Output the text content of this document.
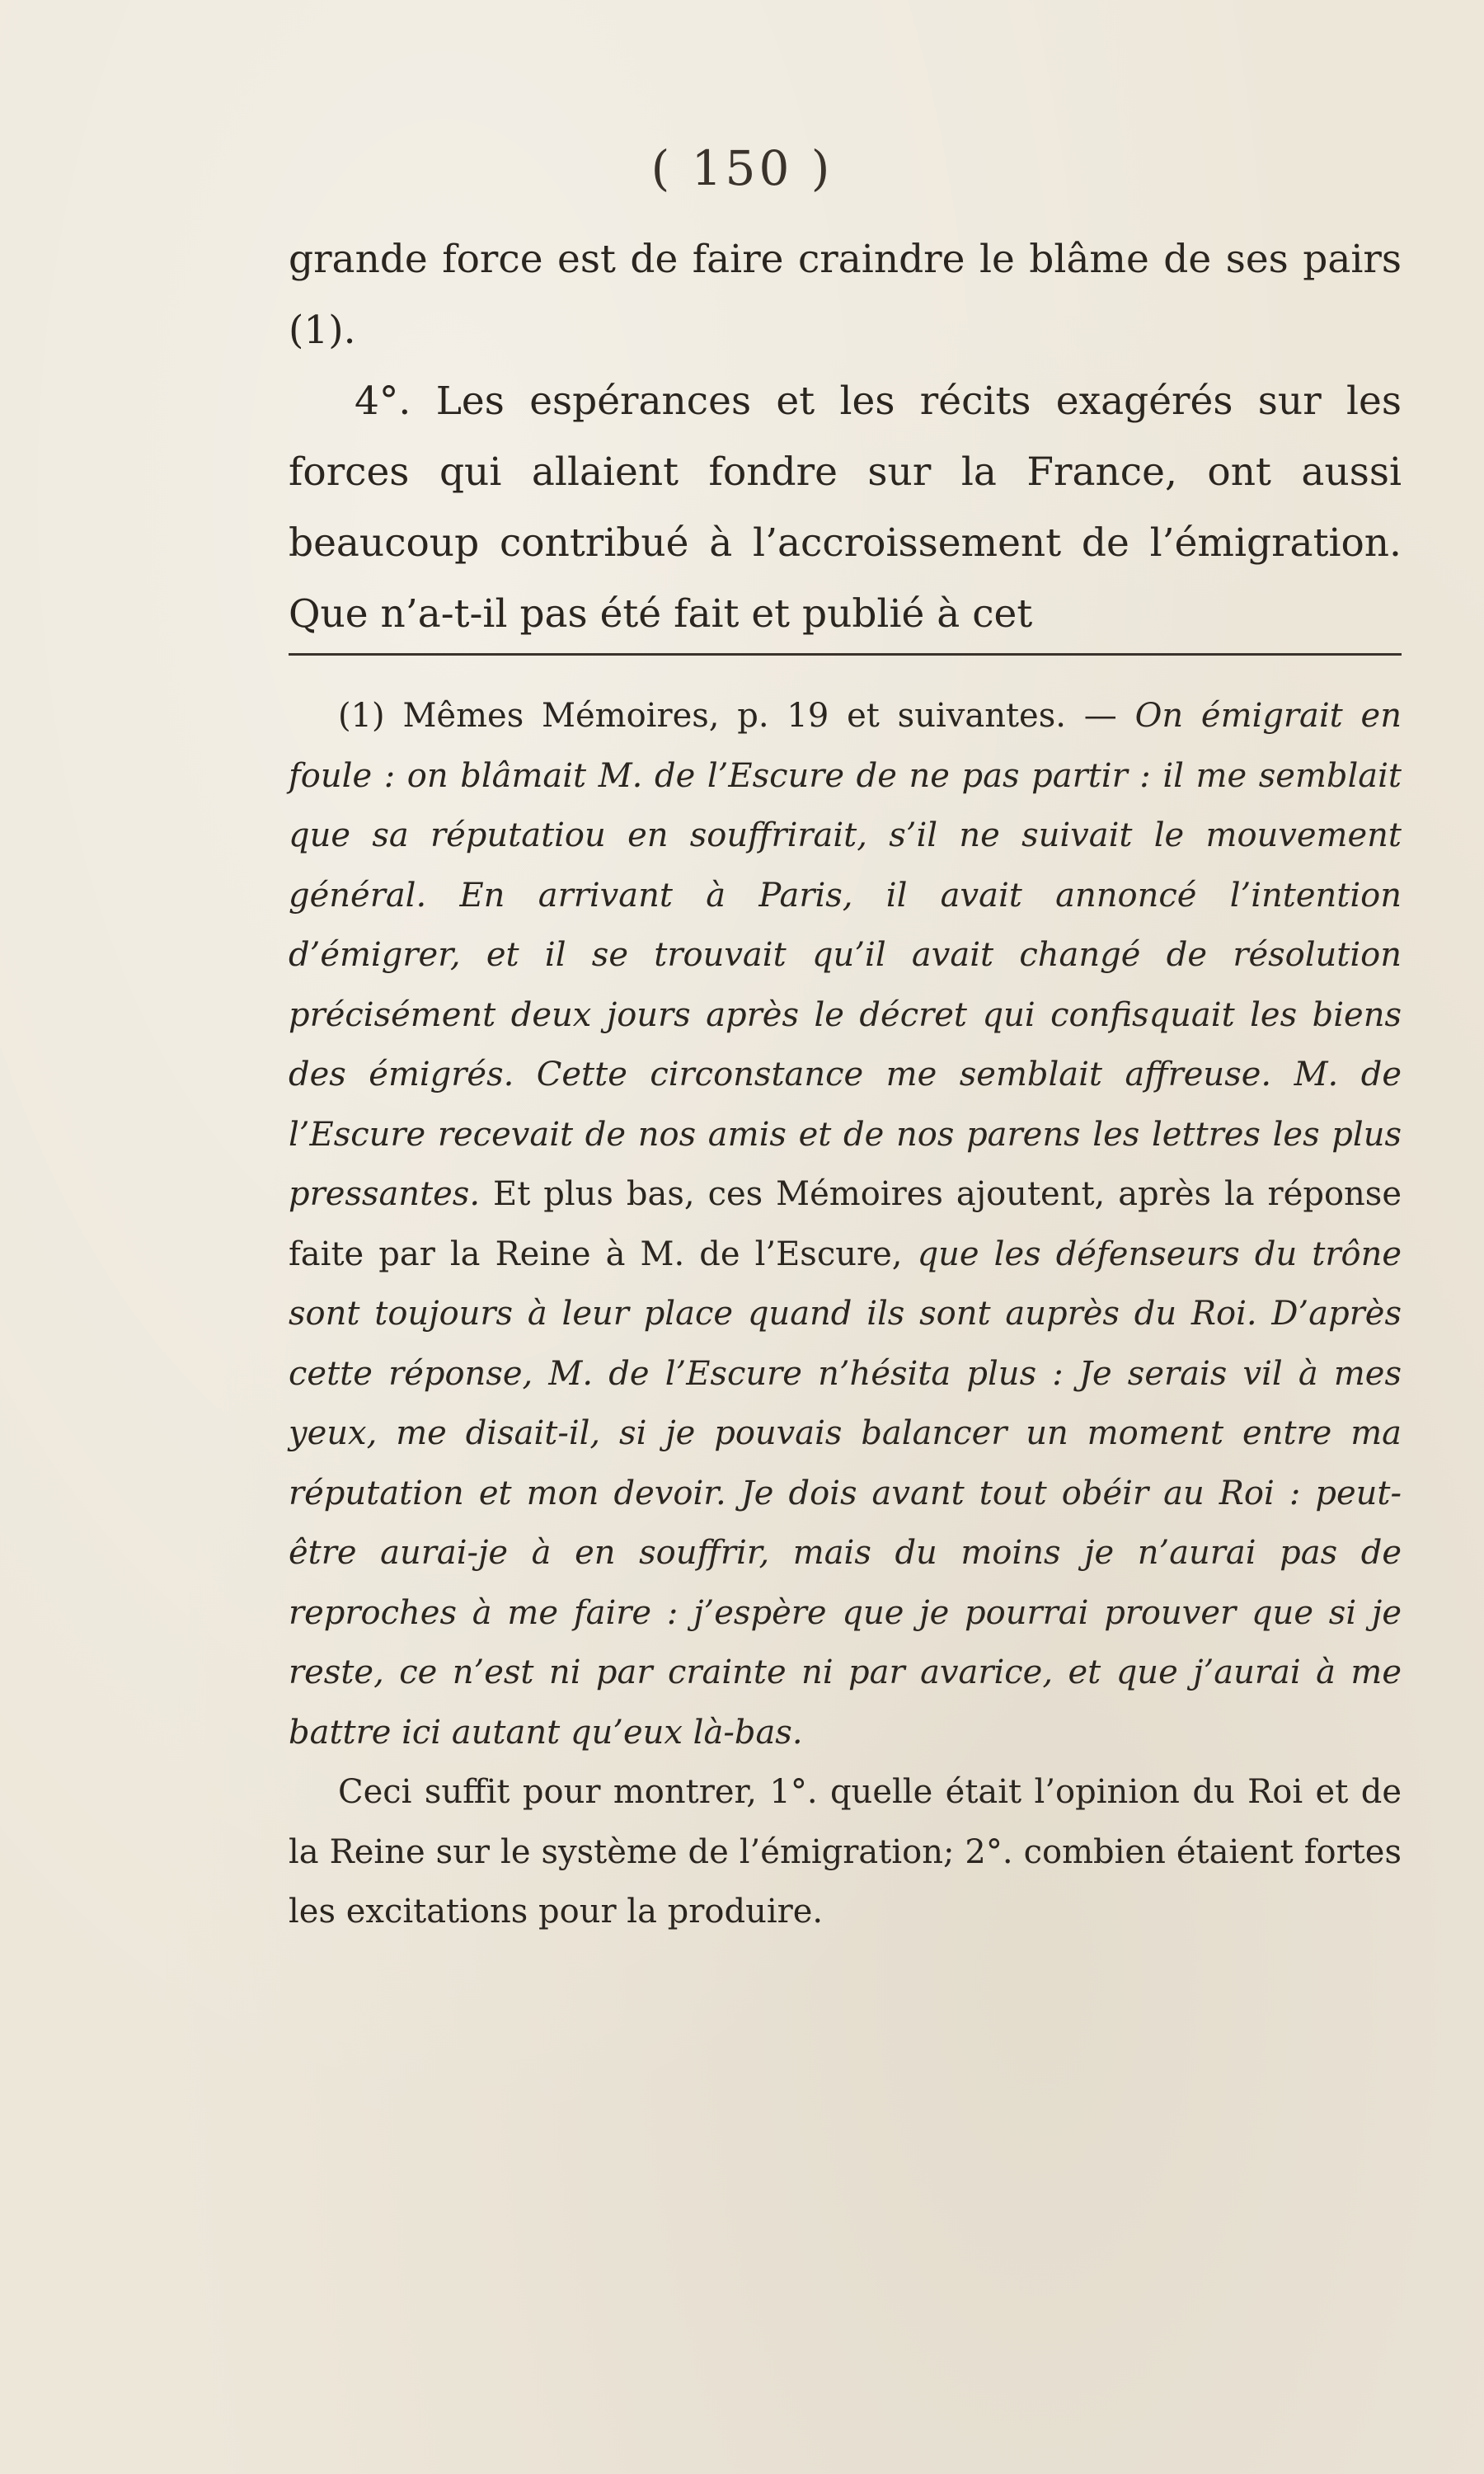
( 150 )

grande force est de faire craindre le blâme de ses pairs (1).

4°. Les espérances et les récits exagérés sur les forces qui allaient fondre sur la France, ont aussi beaucoup contribué à l’accroissement de l’émigration. Que n’a-t-il pas été fait et publié à cet

(1) Mêmes Mémoires, p. 19 et suivantes. — On émigrait en foule : on blâmait M. de l’Escure de ne pas partir : il me semblait que sa réputatiou en souffrirait, s’il ne suivait le mouvement général. En arrivant à Paris, il avait annoncé l’intention d’émigrer, et il se trouvait qu’il avait changé de résolution précisément deux jours après le décret qui confisquait les biens des émigrés. Cette circonstance me semblait affreuse. M. de l’Escure recevait de nos amis et de nos parens les lettres les plus pressantes. Et plus bas, ces Mémoires ajoutent, après la réponse faite par la Reine à M. de l’Escure, que les défenseurs du trône sont toujours à leur place quand ils sont auprès du Roi. D’après cette réponse, M. de l’Escure n’hésita plus : Je serais vil à mes yeux, me disait-il, si je pouvais balancer un moment entre ma réputation et mon devoir. Je dois avant tout obéir au Roi : peut-être aurai-je à en souffrir, mais du moins je n’aurai pas de reproches à me faire : j’espère que je pourrai prouver que si je reste, ce n’est ni par crainte ni par avarice, et que j’aurai à me battre ici autant qu’eux là-bas.

Ceci suffit pour montrer, 1°. quelle était l’opinion du Roi et de la Reine sur le système de l’émigration; 2°. combien étaient fortes les excitations pour la produire.
